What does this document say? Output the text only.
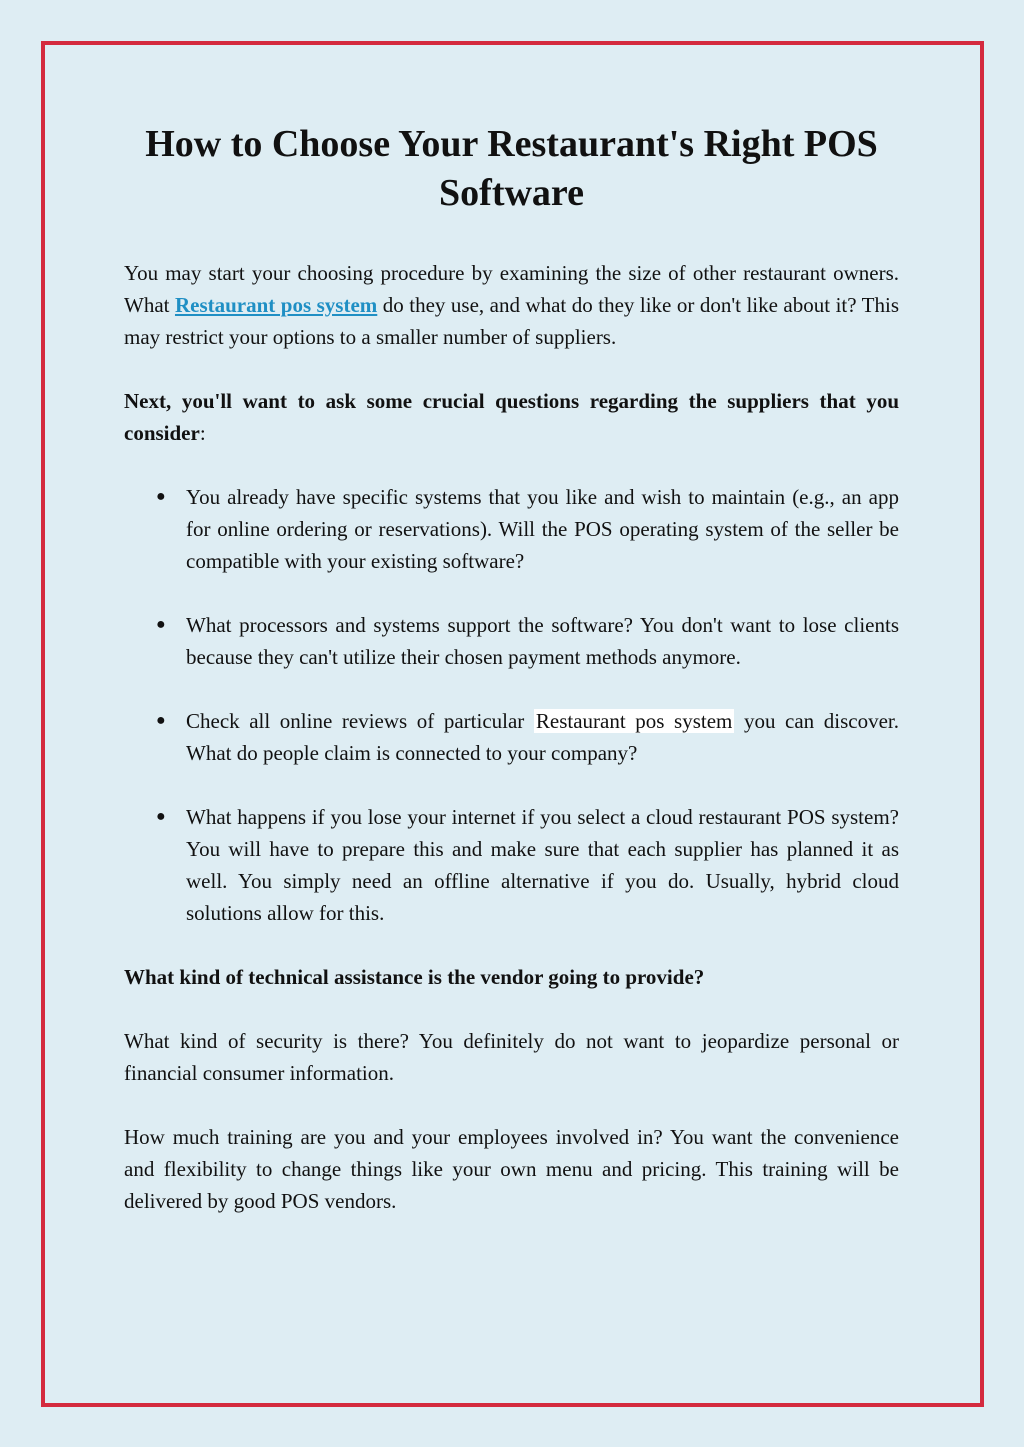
How to Choose Your Restaurant's Right POS Software

You may start your choosing procedure by examining the size of other restaurant owners. What Restaurant pos system do they use, and what do they like or don't like about it? This may restrict your options to a smaller number of suppliers.

Next, you'll want to ask some crucial questions regarding the suppliers that you consider:

● You already have specific systems that you like and wish to maintain (e.g., an app for online ordering or reservations). Will the POS operating system of the seller be compatible with your existing software?
● What processors and systems support the software? You don't want to lose clients because they can't utilize their chosen payment methods anymore.
● Check all online reviews of particular Restaurant pos system you can discover. What do people claim is connected to your company?
● What happens if you lose your internet if you select a cloud restaurant POS system? You will have to prepare this and make sure that each supplier has planned it as well. You simply need an offline alternative if you do. Usually, hybrid cloud solutions allow for this.

What kind of technical assistance is the vendor going to provide?

What kind of security is there? You definitely do not want to jeopardize personal or financial consumer information.

How much training are you and your employees involved in? You want the convenience and flexibility to change things like your own menu and pricing. This training will be delivered by good POS vendors.
